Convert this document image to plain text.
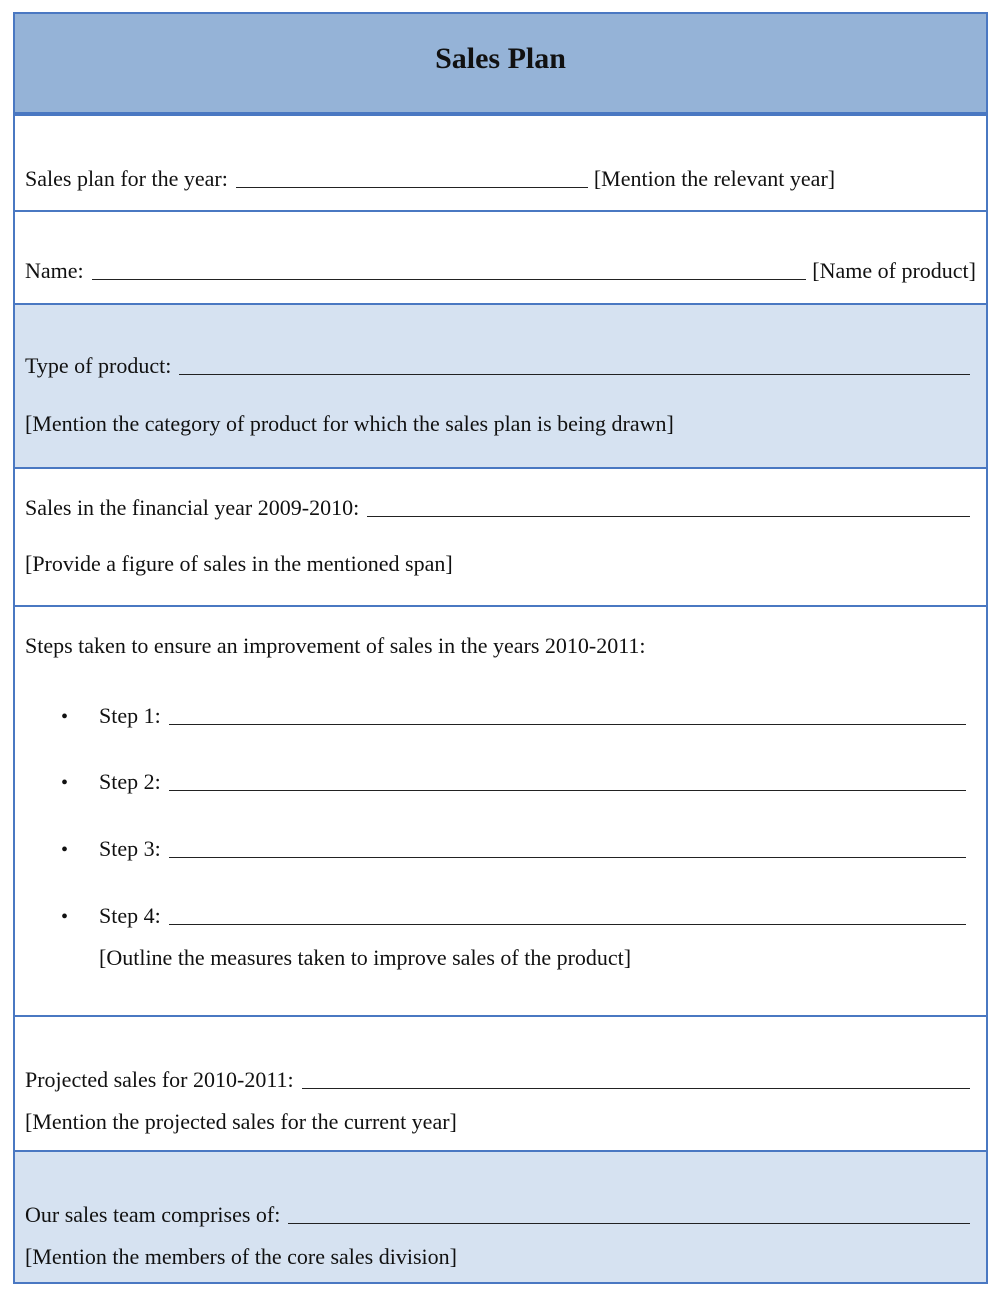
Sales Plan
Sales plan for the year:	[Mention the relevant year]
Name:	[Name of product]
Type of product:
[Mention the category of product for which the sales plan is being drawn]
Sales in the financial year 2009-2010:
[Provide a figure of sales in the mentioned span]
Steps taken to ensure an improvement of sales in the years 2010-2011:
•	Step 1:
•	Step 2:
•	Step 3:
•	Step 4:
[Outline the measures taken to improve sales of the product]
Projected sales for 2010-2011:
[Mention the projected sales for the current year]
Our sales team comprises of:
[Mention the members of the core sales division]
